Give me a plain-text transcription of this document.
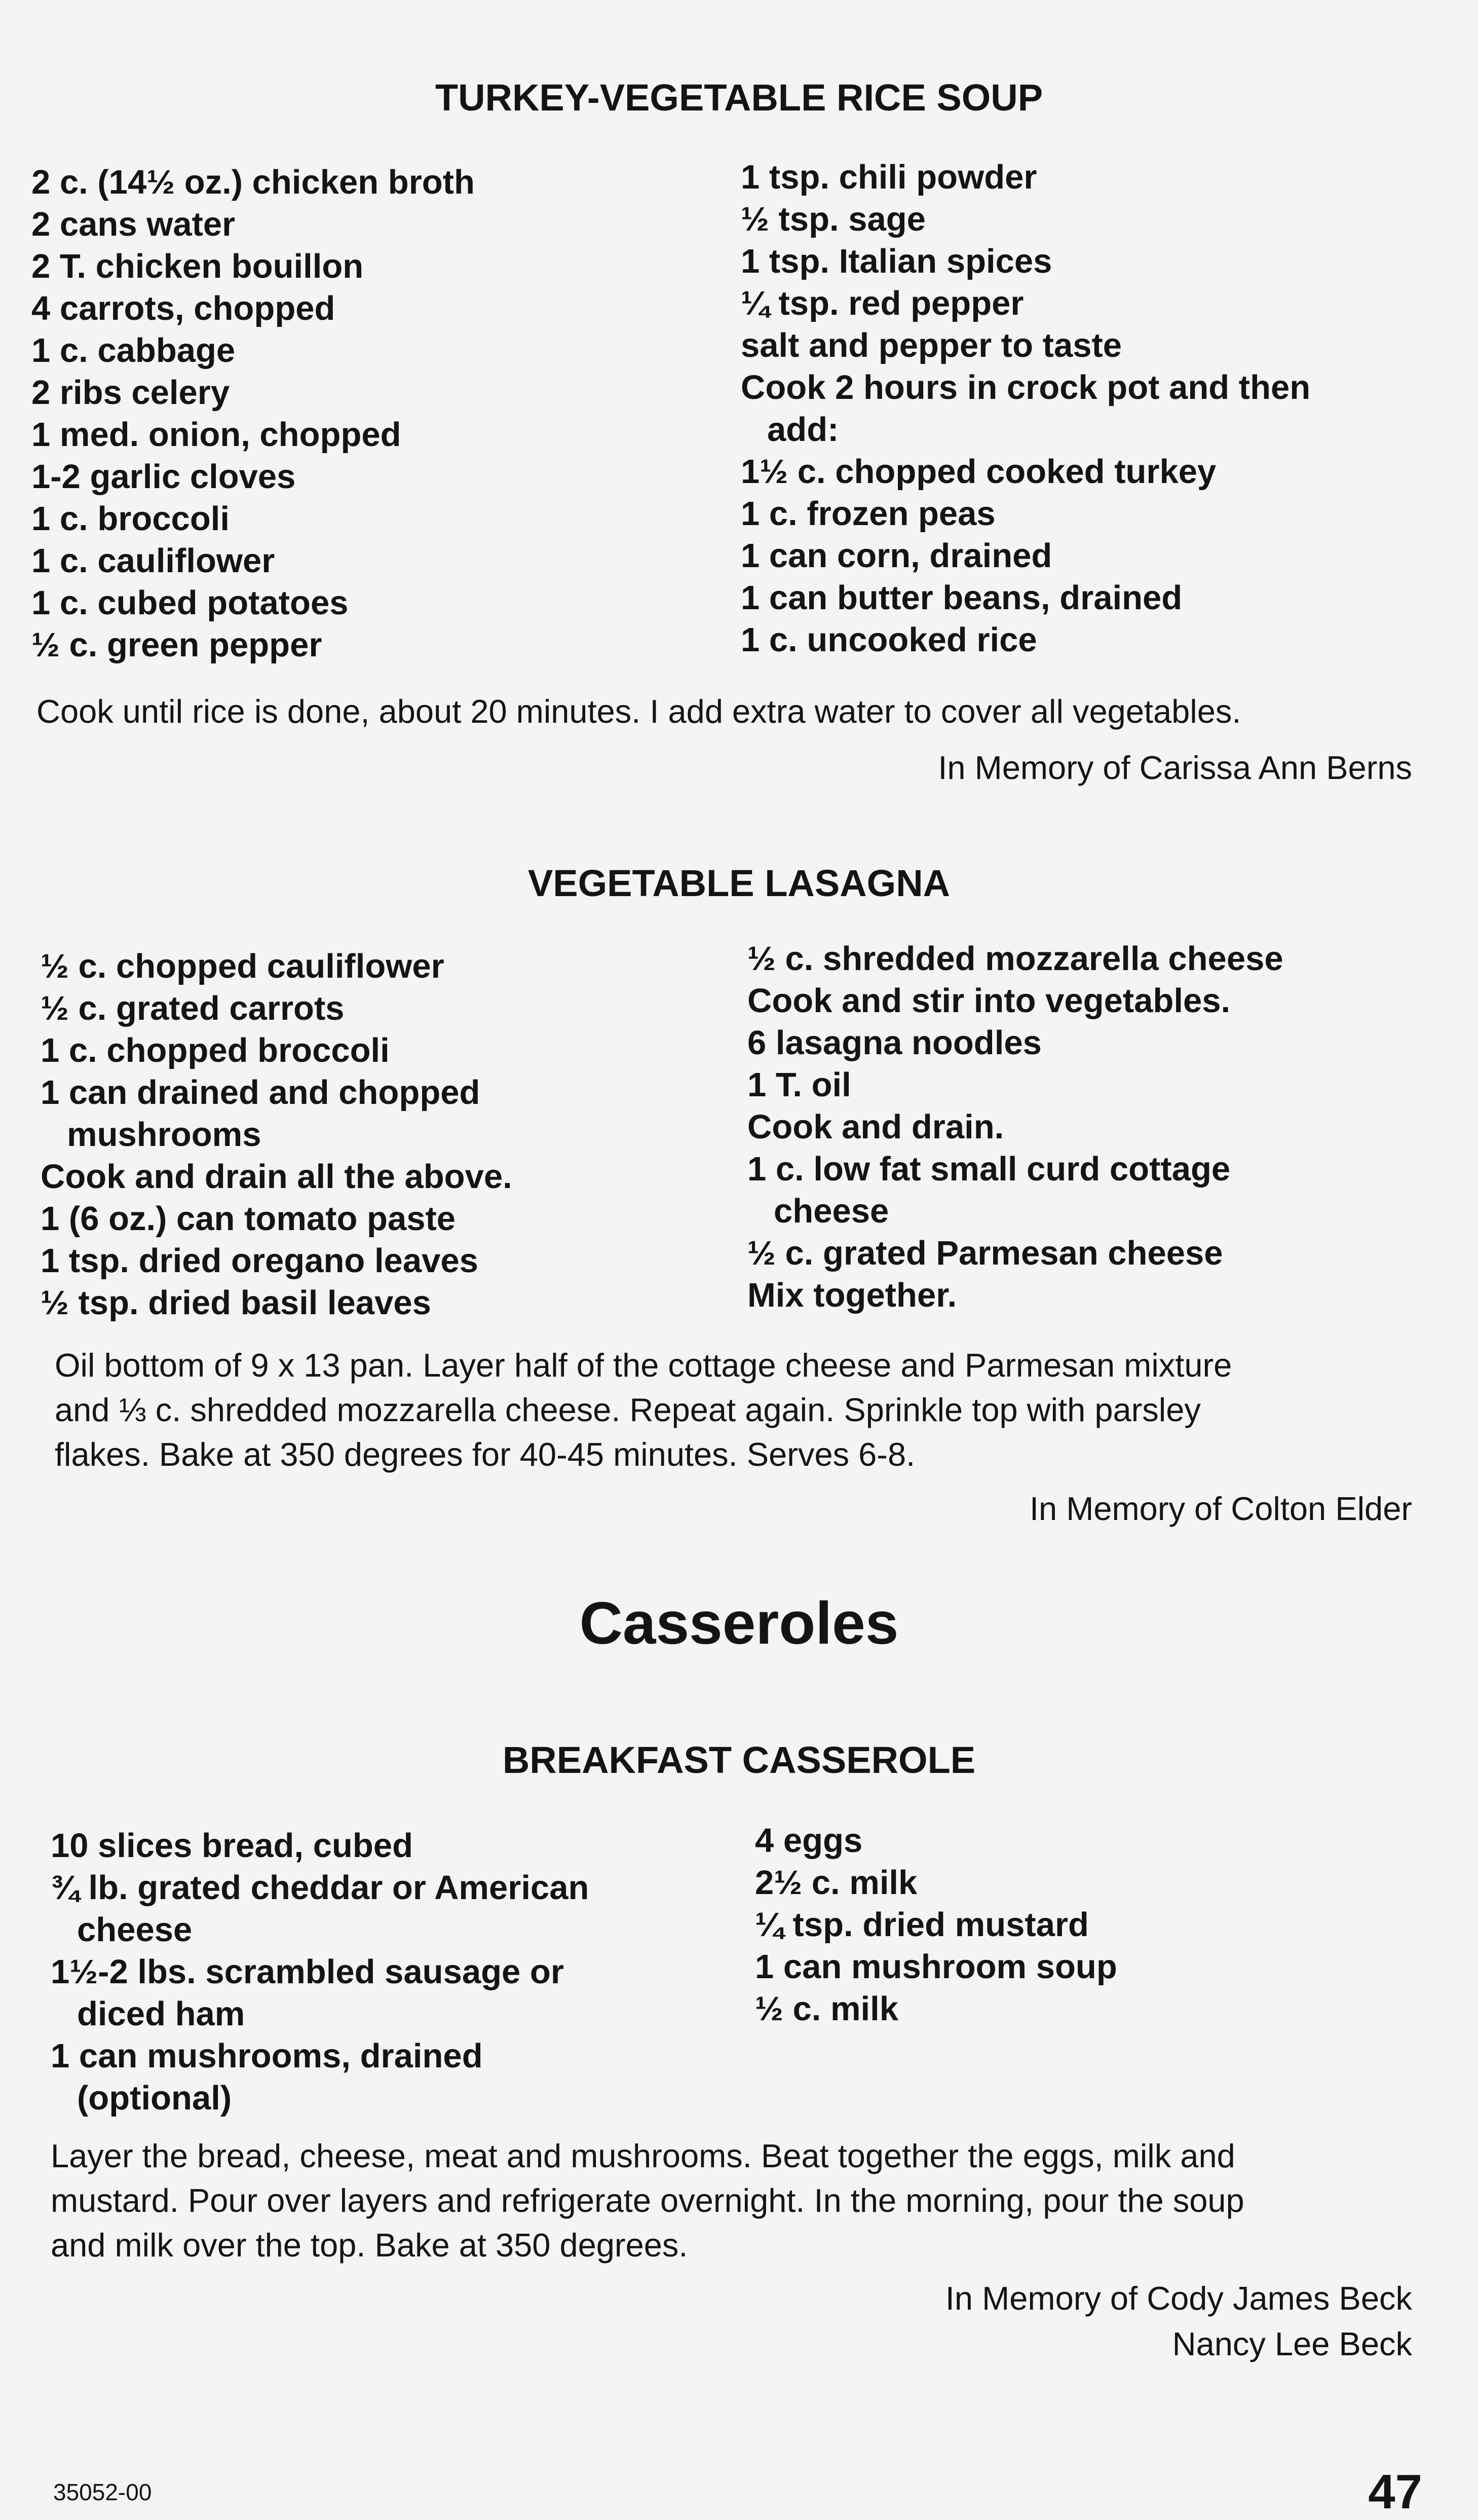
TURKEY-VEGETABLE RICE SOUP
2 c. (14½ oz.) chicken broth
2 cans water
2 T. chicken bouillon
4 carrots, chopped
1 c. cabbage
2 ribs celery
1 med. onion, chopped
1-2 garlic cloves
1 c. broccoli
1 c. cauliflower
1 c. cubed potatoes
½ c. green pepper
1 tsp. chili powder
½ tsp. sage
1 tsp. Italian spices
¼ tsp. red pepper
salt and pepper to taste
Cook 2 hours in crock pot and then
add:
1½ c. chopped cooked turkey
1 c. frozen peas
1 can corn, drained
1 can butter beans, drained
1 c. uncooked rice
Cook until rice is done, about 20 minutes. I add extra water to cover all vegetables.
In Memory of Carissa Ann Berns
VEGETABLE LASAGNA
½ c. chopped cauliflower
½ c. grated carrots
1 c. chopped broccoli
1 can drained and chopped
mushrooms
Cook and drain all the above.
1 (6 oz.) can tomato paste
1 tsp. dried oregano leaves
½ tsp. dried basil leaves
½ c. shredded mozzarella cheese
Cook and stir into vegetables.
6 lasagna noodles
1 T. oil
Cook and drain.
1 c. low fat small curd cottage
cheese
½ c. grated Parmesan cheese
Mix together.
Oil bottom of 9 x 13 pan. Layer half of the cottage cheese and Parmesan mixture
and ⅓ c. shredded mozzarella cheese. Repeat again. Sprinkle top with parsley
flakes. Bake at 350 degrees for 40-45 minutes. Serves 6-8.
In Memory of Colton Elder
Casseroles
BREAKFAST CASSEROLE
10 slices bread, cubed
¾ lb. grated cheddar or American
cheese
1½-2 lbs. scrambled sausage or
diced ham
1 can mushrooms, drained
(optional)
4 eggs
2½ c. milk
¼ tsp. dried mustard
1 can mushroom soup
½ c. milk
Layer the bread, cheese, meat and mushrooms. Beat together the eggs, milk and
mustard. Pour over layers and refrigerate overnight. In the morning, pour the soup
and milk over the top. Bake at 350 degrees.
In Memory of Cody James Beck
Nancy Lee Beck
35052-00	47
